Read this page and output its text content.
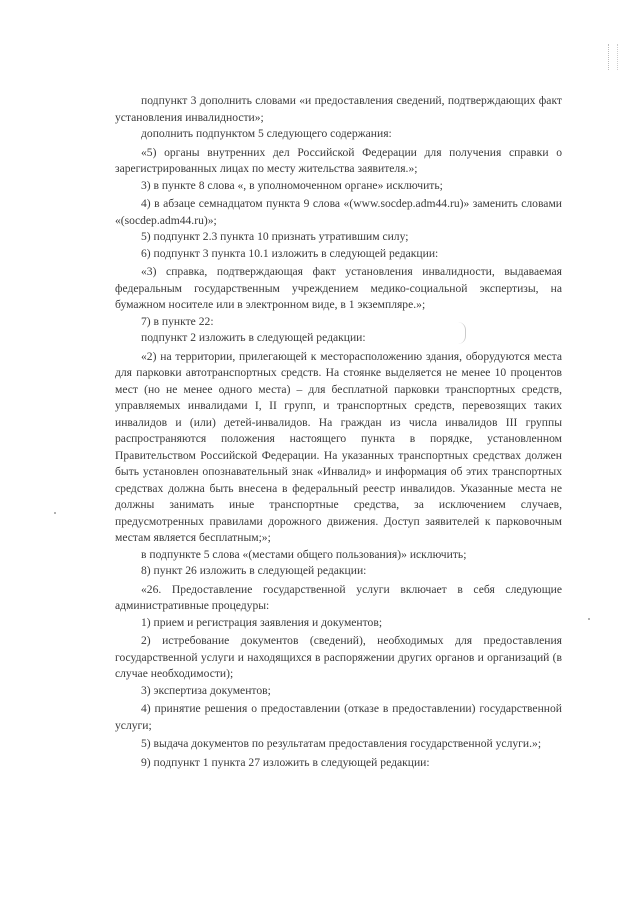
подпункт 3 дополнить словами «и предоставления сведений, подтверждающих факт установления инвалидности»;

дополнить подпунктом 5 следующего содержания:

«5) органы внутренних дел Российской Федерации для получения справки о зарегистрированных лицах по месту жительства заявителя.»;

3) в пункте 8 слова «, в уполномоченном органе» исключить;

4) в абзаце семнадцатом пункта 9 слова «(www.socdep.adm44.ru)» заменить словами «(socdep.adm44.ru)»;

5) подпункт 2.3 пункта 10 признать утратившим силу;

6) подпункт 3 пункта 10.1 изложить в следующей редакции:

«3) справка, подтверждающая факт установления инвалидности, выдаваемая федеральным государственным учреждением медико-социальной экспертизы, на бумажном носителе или в электронном виде, в 1 экземпляре.»;

7) в пункте 22:

подпункт 2 изложить в следующей редакции:

«2) на территории, прилегающей к месторасположению здания, оборудуются места для парковки автотранспортных средств. На стоянке выделяется не менее 10 процентов мест (но не менее одного места) – для бесплатной парковки транспортных средств, управляемых инвалидами I, II групп, и транспортных средств, перевозящих таких инвалидов и (или) детей-инвалидов. На граждан из числа инвалидов III группы распространяются положения настоящего пункта в порядке, установленном Правительством Российской Федерации. На указанных транспортных средствах должен быть установлен опознавательный знак «Инвалид» и информация об этих транспортных средствах должна быть внесена в федеральный реестр инвалидов. Указанные места не должны занимать иные транспортные средства, за исключением случаев, предусмотренных правилами дорожного движения. Доступ заявителей к парковочным местам является бесплатным;»;

в подпункте 5 слова «(местами общего пользования)» исключить;

8) пункт 26 изложить в следующей редакции:

«26. Предоставление государственной услуги включает в себя следующие административные процедуры:

1) прием и регистрация заявления и документов;

2) истребование документов (сведений), необходимых для предоставления государственной услуги и находящихся в распоряжении других органов и организаций (в случае необходимости);

3) экспертиза документов;

4) принятие решения о предоставлении (отказе в предоставлении) государственной услуги;

5) выдача документов по результатам предоставления государственной услуги.»;

9) подпункт 1 пункта 27 изложить в следующей редакции:
